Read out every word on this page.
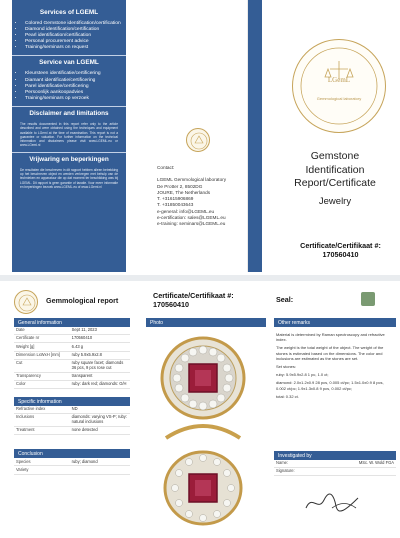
Services of LGEML
• Colored Gemstone identification/certification
• Diamond identification/certification
• Pearl identification/certification
• Personal procurement advice
• Training/seminars on request
Service van LGEML
• Kleursteen identificatie/certificering
• Diamant identificatie/certificering
• Parel identificatie/certificering
• Persoonlijk aankoopadvies
• Training/seminars op verzoek
Disclaimer and limitations
The results documented in this report refer only to the article described and were obtained using the techniques and equipment available to LGeml at the time of examination. This report is not a guarantee or valuation. For further information on the technical information and disclaimers please visit www.LGEML.eu or www.LGeml.nl
Vrijwaring en beperkingen
De resultaten die beschreven in dit rapport hebben alleen betrekking op het beschreven object en werden verkregen met behulp van de technieken en apparatuur die op dat moment ter beschikking was bij LGEML. Dit rapport is geen garantie of taxatie. Voor meer informatie en beperkingen bezoek www.LGEML.eu of www.LGeml.nl
Contact:
LGEML Gemmological laboratory
De Protter 2, 8502DG
JOURE, The Netherlands
T. +31615906869
T. +31850043643
e-general: info@LGEML.eu
e-certification: sales@LGEML.eu
e-training: seminars@LGEML.eu
LGemL
Gemmological laboratory
Gemstone Identification Report/Certificate
Jewelry
Certificate/Certifikaat #:
170560410
Gemmological report
Certificate/Certifikaat #:
170560410
Seal:
General information
Date	Sept 11, 2023
Certificate nr	170560410
Weight [g]	6.43 g
Dimension LxWxH [mm]	ruby 5.9x5.9x2.8
Cut	ruby square facet; diamonds 36 pcs, 9 pcs rose cut
Transparency	transparent
Color	ruby: dark red; diamonds: G/H
Specific information
Refractive index	ND
Inclusions	diamonds: varying VS-P; ruby: natural inclusions
Treatment	none detected
Conclusion
Species	ruby; diamond
Variety	
Photo	Other remarks

Material is determined by Raman spectroscopy and refractive index.

The weight is the total weight of the object. The weight of the stones is estimated based on the dimensions. The color and inclusions are estimated as the stones are set.

Set stones:

ruby: 5.9x5.9x2.8 1 pc, 1.0 ct;

diamond: 2.0x1.2x0.9 28 pcs, 0.005 ct/pc; 1.5x1.0x0.9 8 pcs, 0.002 ct/pc; 1.9x1.3x0.8 9 pcs, 0.002 ct/pc;

total: 0.32 ct.

Investigated by
Name:	MSc. W. Wold FGA
Signature:	
